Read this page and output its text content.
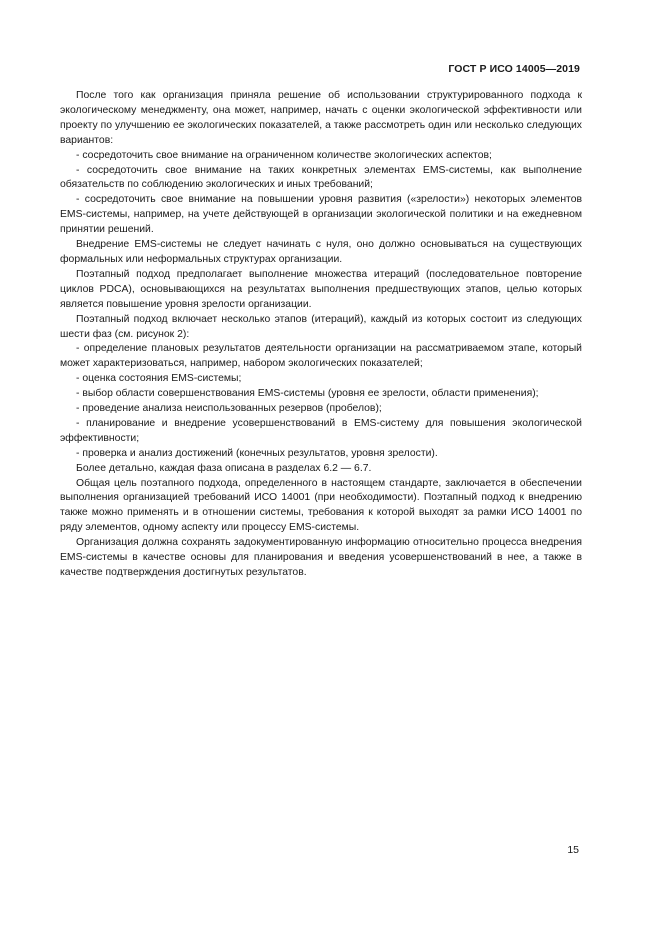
ГОСТ Р ИСО 14005—2019

После того как организация приняла решение об использовании структурированного подхода к экологическому менеджменту, она может, например, начать с оценки экологической эффективности или проекту по улучшению ее экологических показателей, а также рассмотреть один или несколько следующих вариантов:

- сосредоточить свое внимание на ограниченном количестве экологических аспектов;

- сосредоточить свое внимание на таких конкретных элементах EMS-системы, как выполнение обязательств по соблюдению экологических и иных требований;

- сосредоточить свое внимание на повышении уровня развития («зрелости») некоторых элементов EMS-системы, например, на учете действующей в организации экологической политики и на ежедневном принятии решений.

Внедрение EMS-системы не следует начинать с нуля, оно должно основываться на существующих формальных или неформальных структурах организации.

Поэтапный подход предполагает выполнение множества итераций (последовательное повторение циклов PDCA), основывающихся на результатах выполнения предшествующих этапов, целью которых является повышение уровня зрелости организации.

Поэтапный подход включает несколько этапов (итераций), каждый из которых состоит из следующих шести фаз (см. рисунок 2):

- определение плановых результатов деятельности организации на рассматриваемом этапе, который может характеризоваться, например, набором экологических показателей;

- оценка состояния EMS-системы;

- выбор области совершенствования EMS-системы (уровня ее зрелости, области применения);

- проведение анализа неиспользованных резервов (пробелов);

- планирование и внедрение усовершенствований в EMS-систему для повышения экологической эффективности;

- проверка и анализ достижений (конечных результатов, уровня зрелости).

Более детально, каждая фаза описана в разделах 6.2 — 6.7.

Общая цель поэтапного подхода, определенного в настоящем стандарте, заключается в обеспечении выполнения организацией требований ИСО 14001 (при необходимости). Поэтапный подход к внедрению также можно применять и в отношении системы, требования к которой выходят за рамки ИСО 14001 по ряду элементов, одному аспекту или процессу EMS-системы.

Организация должна сохранять задокументированную информацию относительно процесса внедрения EMS-системы в качестве основы для планирования и введения усовершенствований в нее, а также в качестве подтверждения достигнутых результатов.

15
